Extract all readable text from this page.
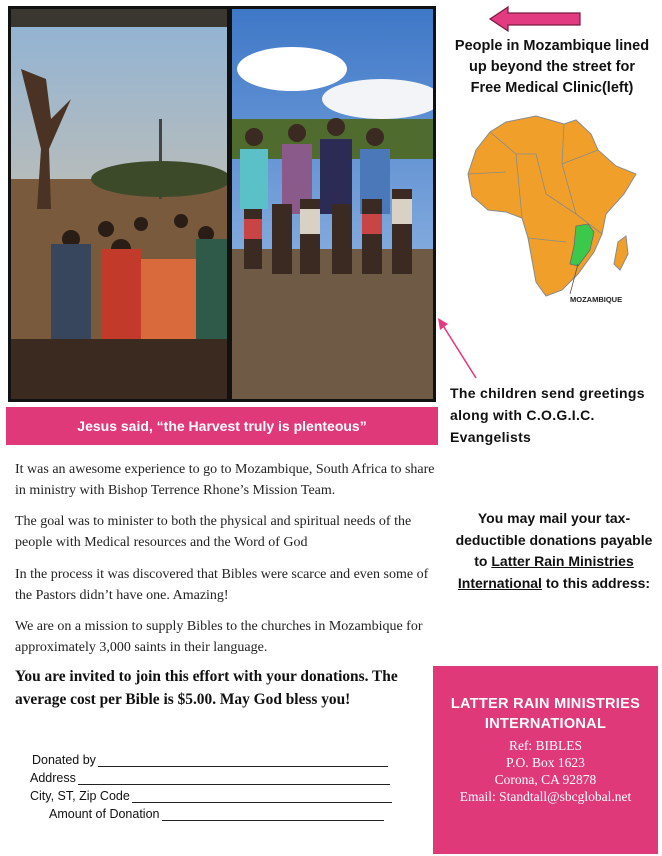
People in Mozambique lined up beyond the street for Free Medical Clinic(left)
MOZAMBIQUE
The children send greetings along with C.O.G.I.C. Evangelists
Jesus said, “the Harvest truly is plenteous”
It was an awesome experience to go to Mozambique, South Africa to share in ministry with Bishop Terrence Rhone’s Mission Team.
The goal was to minister to both the physical and spiritual needs of the people with Medical resources and the Word of God
In the process it was discovered that Bibles were scarce and even some of the Pastors didn’t have one. Amazing!
We are on a mission to supply Bibles to the churches in Mozambique for approximately 3,000 saints in their language.
You are invited to join this effort with your donations. The average cost per Bible is $5.00. May God bless you!
You may mail your tax-deductible donations payable to Latter Rain Ministries International to this address:
LATTER RAIN MINISTRIES INTERNATIONAL
Ref: BIBLES
P.O. Box 1623
Corona, CA 92878
Email: Standtall@sbcglobal.net
Donated by
Address
City, ST, Zip Code
Amount of Donation
